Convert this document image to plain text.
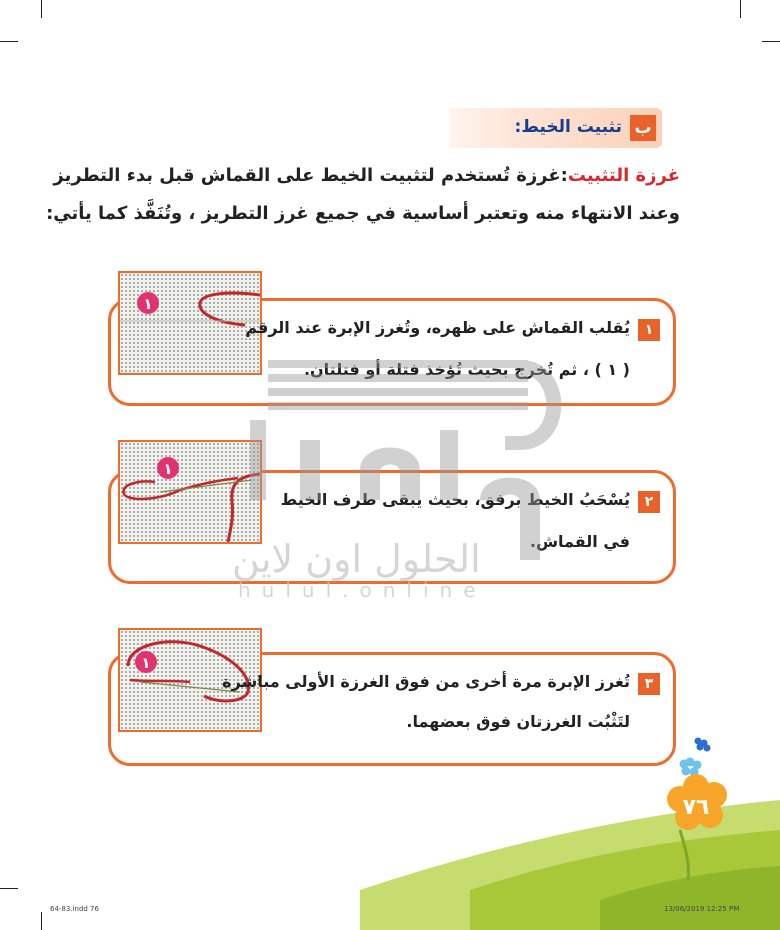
ب
تثبيت الخيط:
غرزة التثبيت:غرزة تُستخدم لتثبيت الخيط على القماش قبل بدء التطريز
وعند الانتهاء منه وتعتبر أساسية في جميع غرز التطريز ، وتُنَفَّذ كما يأتي:
١
١
يُقلب القماش على ظهره، وتُغرز الإبرة عند الرقم
( ١ ) ، ثم تُخرج بحيث تُؤخذ فتلة أو فتلتان.
١
٢
يُسْحَبُ الخيط برفق، بحيث يبقى طرف الخيط
في القماش.
١
٣
تُغرز الإبرة مرة أخرى من فوق الغرزة الأولى مباشرة
لتَثْبُت الغرزتان فوق بعضهما.
الحلول اون لاين
hulul.online
٧٦
64-83.indd 76	13/06/2019 12:25 PM
